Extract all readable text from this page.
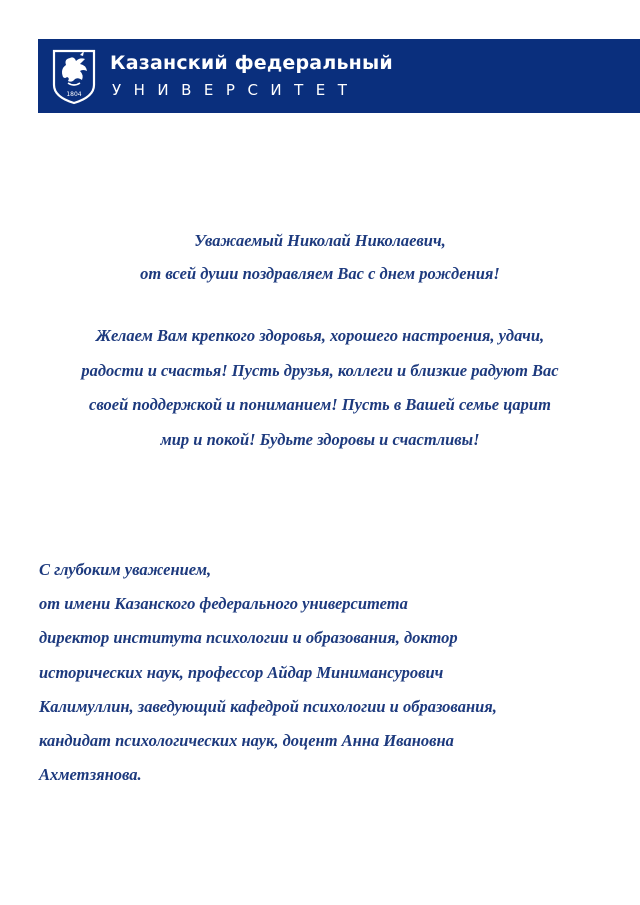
1804
Казанский федеральный
УНИВЕРСИТЕТ
Уважаемый Николай Николаевич,
от всей души поздравляем Вас с днем рождения!
Желаем Вам крепкого здоровья, хорошего настроения, удачи,
радости и счастья! Пусть друзья, коллеги и близкие радуют Вас
своей поддержкой и пониманием! Пусть в Вашей семье царит
мир и покой! Будьте здоровы и счастливы!
С глубоким уважением,
от имени Казанского федерального университета
директор института психологии и образования, доктор
исторических наук, профессор Айдар Минимансурович
Калимуллин, заведующий кафедрой психологии и образования,
кандидат психологических наук, доцент Анна Ивановна
Ахметзянова.
